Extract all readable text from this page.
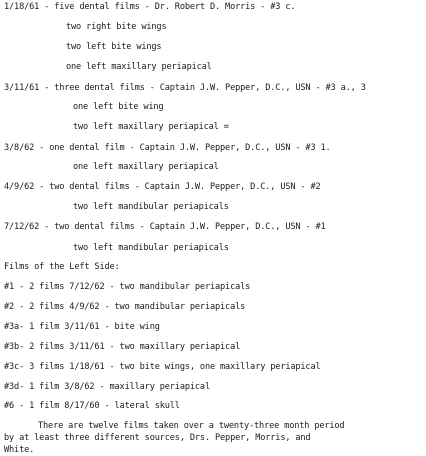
1/18/61 - five dental films - Dr. Robert D. Morris - #3 c.
two right bite wings
two left bite wings
one left maxillary periapical
3/11/61 - three dental films - Captain J.W. Pepper, D.C., USN - #3 a., 3
one left bite wing
two left maxillary periapical =
3/8/62 - one dental film - Captain J.W. Pepper, D.C., USN - #3 1.
one left maxillary periapical
4/9/62 - two dental films - Captain J.W. Pepper, D.C., USN - #2
two left mandibular periapicals
7/12/62 - two dental films - Captain J.W. Pepper, D.C., USN - #1
two left mandibular periapicals
Films of the Left Side:
#1 - 2 films 7/12/62 - two mandibular periapicals
#2 - 2 films 4/9/62 - two mandibular periapicals
#3a- 1 film 3/11/61 - bite wing
#3b- 2 films 3/11/61 - two maxillary periapical
#3c- 3 films 1/18/61 - two bite wings, one maxillary periapical
#3d- 1 film 3/8/62 - maxillary periapical
#6 - 1 film 8/17/60 - lateral skull
There are twelve films taken over a twenty-three month period
by at least three different sources, Drs. Pepper, Morris, and
White.
